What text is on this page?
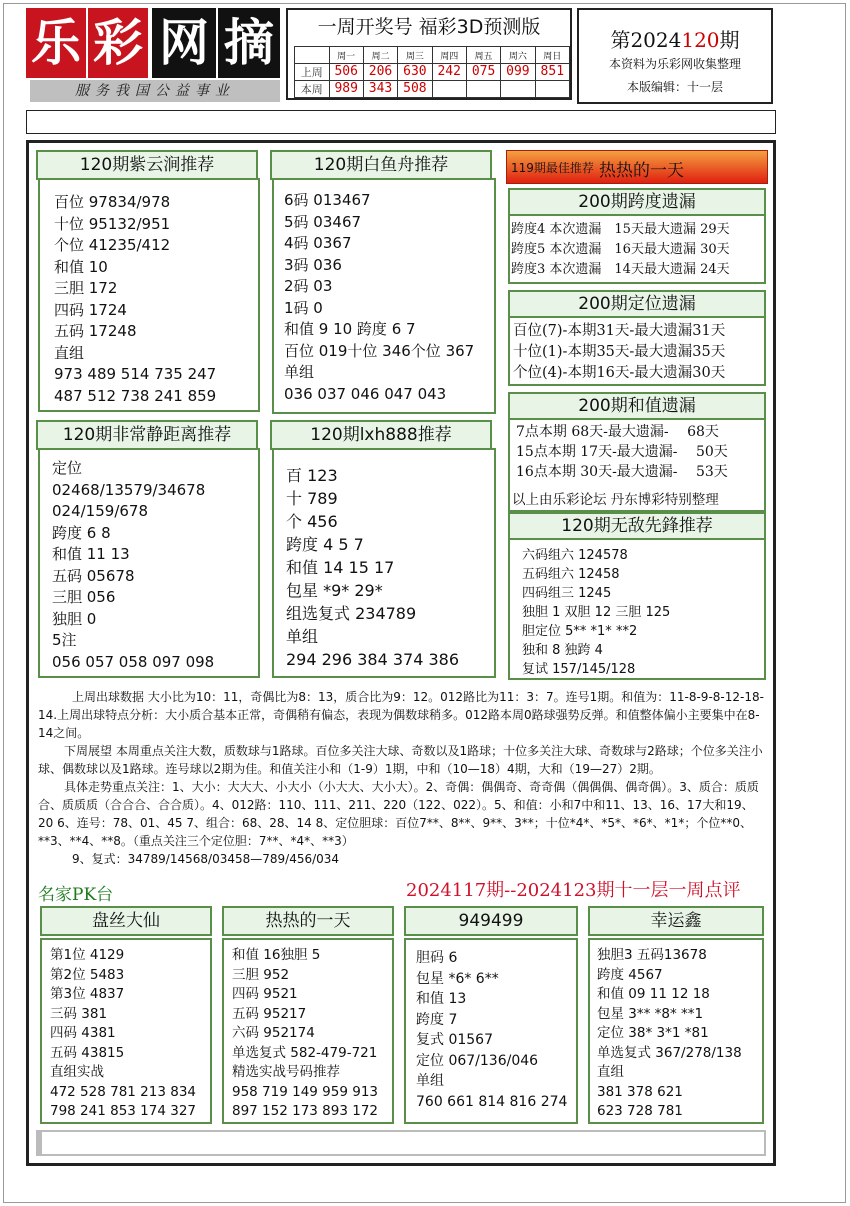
乐 彩 网 摘
服务我国公益事业
一周开奖号 福彩3D预测版
	周一	周二	周三	周四	周五	周六	周日
上周	506	206	630	242	075	099	851
本周	989	343	508				
第2024120期
本资料为乐彩网收集整理
本版编辑：十一层
120期紫云涧推荐
百位 97834/978
十位 95132/951
个位 41235/412
和值 10
三胆 172
四码 1724
五码 17248
直组
973 489 514 735 247
487 512 738 241 859
120期白鱼舟推荐
6码 013467
5码 03467
4码 0367
3码 036
2码 03
1码 0
和值 9 10 跨度 6 7
百位 019十位 346个位 367
单组
036 037 046 047 043
120期非常静距离推荐
定位
02468/13579/34678
024/159/678
跨度 6 8
和值 11 13
五码 05678
三胆 056
独胆 0
5注
056 057 058 097 098
120期lxh888推荐
百 123
十 789
个 456
跨度 4 5 7
和值 14 15 17
包星 *9* 29*
组选复式 234789
单组
294 296 384 374 386
119期最佳推荐 热热的一天
200期跨度遗漏
跨度4 本次遗漏　15天最大遗漏 29天
跨度5 本次遗漏　16天最大遗漏 30天
跨度3 本次遗漏　14天最大遗漏 24天
200期定位遗漏
百位(7)-本期31天-最大遗漏31天
十位(1)-本期35天-最大遗漏35天
个位(4)-本期16天-最大遗漏30天
200期和值遗漏
7点本期 68天-最大遗漏-　 68天
15点本期 17天-最大遗漏-　 50天
16点本期 30天-最大遗漏-　 53天
以上由乐彩论坛 丹东博彩特别整理
120期无敌先鋒推荐
六码组六 124578
五码组六 12458
四码组三 1245
独胆 1 双胆 12 三胆 125
胆定位 5** *1* **2
独和 8 独跨 4
复试 157/145/128

上周出球数据 大小比为10：11，奇偶比为8：13，质合比为9：12。012路比为11：3：7。连号1期。和值为：11-8-9-8-12-18-14.上周出球特点分析：大小质合基本正常，奇偶稍有偏态，表现为偶数球稍多。012路本周0路球强势反弹。和值整体偏小主要集中在8-14之间。

下周展望 本周重点关注大数，质数球与1路球。百位多关注大球、奇数以及1路球；十位多关注大球、奇数球与2路球；个位多关注小球、偶数球以及1路球。连号球以2期为佳。和值关注小和（1-9）1期，中和（10—18）4期，大和（19—27）2期。

具体走势重点关注：1、大小：大大大、小大小（小大大、大小大）。2、奇偶：偶偶奇、奇奇偶（偶偶偶、偶奇偶）。3、质合：质质合、质质质（合合合、合合质）。4、012路：110、111、211、220（122、022）。5、和值：小和7中和11、13、16、17大和19、20 6、连号：78、01、45 7、组合：68、28、14 8、定位胆球：百位7**、8**、9**、3**；十位*4*、*5*、*6*、*1*；个位**0、**3、**4、**8。（重点关注三个定位胆：7**、*4*、**3）

9、复式：34789/14568/03458—789/456/034

名家PK台	2024117期--2024123期十一层一周点评
盘丝大仙
第1位 4129
第2位 5483
第3位 4837
三码 381
四码 4381
五码 43815
直组实战
472 528 781 213 834
798 241 853 174 327
热热的一天
和值 16独胆 5
三胆 952
四码 9521
五码 95217
六码 952174
单选复式 582-479-721
精选实战号码推荐
958 719 149 959 913
897 152 173 893 172
949499
胆码 6
包星 *6* 6**
和值 13
跨度 7
复式 01567
定位 067/136/046
单组
760 661 814 816 274
幸运鑫
独胆3 五码13678
跨度 4567
和值 09 11 12 18
包星 3** *8* **1
定位 38* 3*1 *81
单选复式 367/278/138
直组
381 378 621
623 728 781
